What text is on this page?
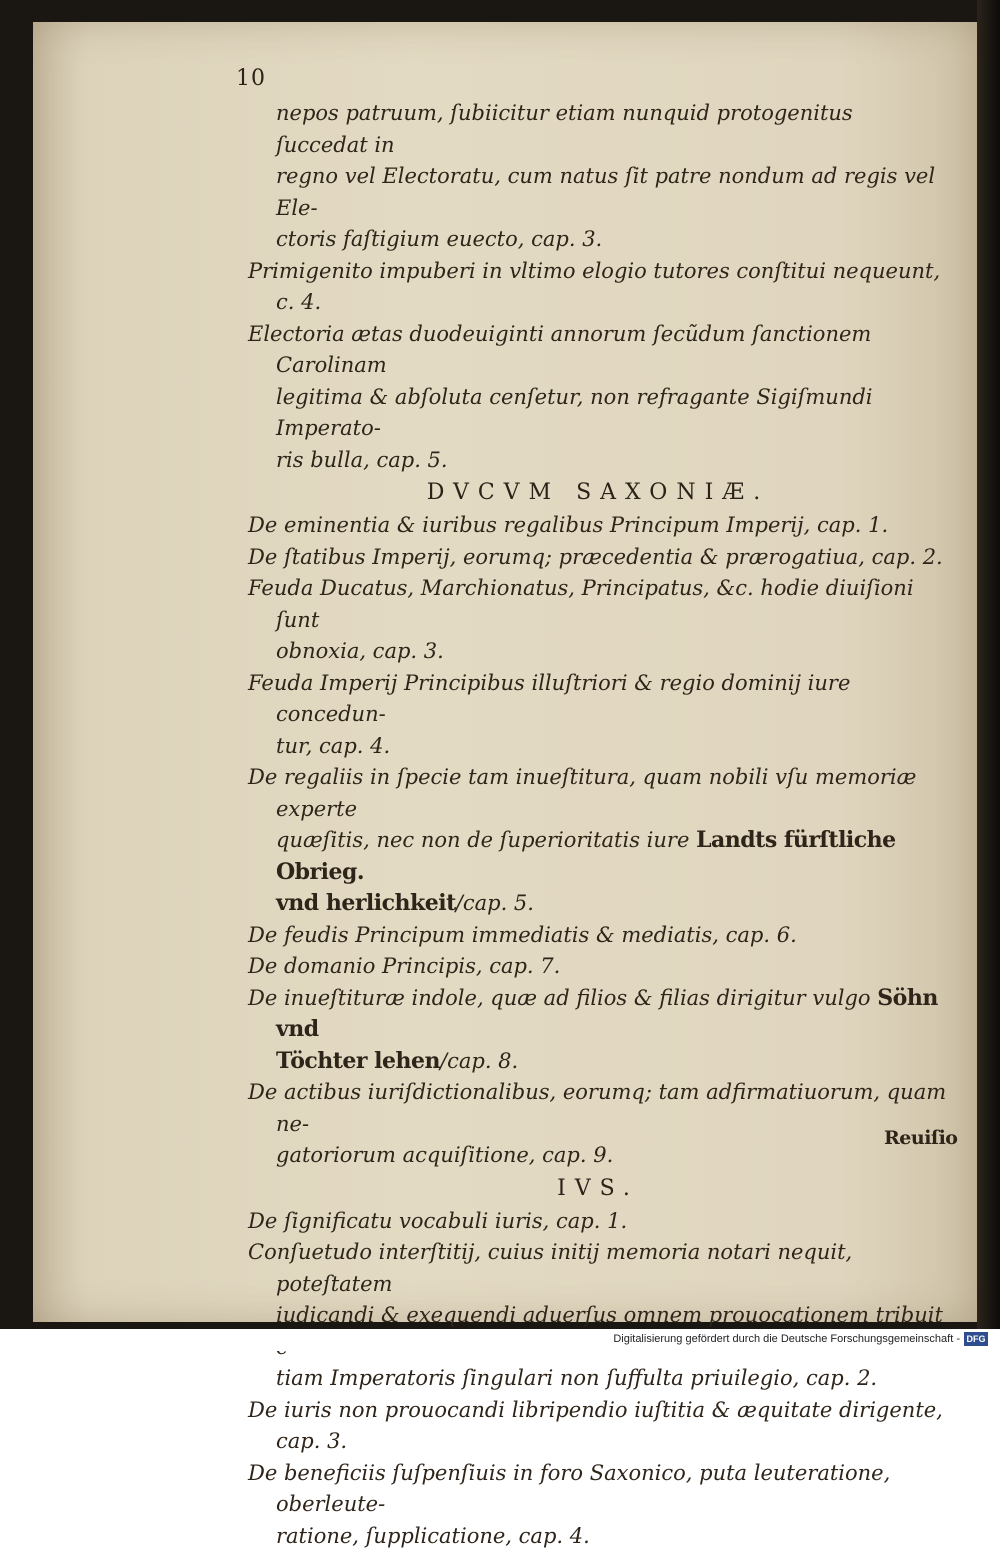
10

nepos patruum, ſubiicitur etiam nunquid protogenitus ſuccedat in

regno vel Electoratu, cum natus ſit patre nondum ad regis vel Ele-

ctoris faſtigium euecto, cap. 3.

Primigenito impuberi in vltimo elogio tutores conſtitui nequeunt, c. 4.

Electoria ætas duodeuiginti annorum ſecũdum ſanctionem Carolinam

legitima & abſoluta cenſetur, non refragante Sigiſmundi Imperato-

ris bulla, cap. 5.

DVCVM SAXONIÆ.

De eminentia & iuribus regalibus Principum Imperij, cap. 1.

De ſtatibus Imperij, eorumq; præcedentia & prærogatiua, cap. 2.

Feuda Ducatus, Marchionatus, Principatus, &c. hodie diuiſioni ſunt

obnoxia, cap. 3.

Feuda Imperij Principibus illuſtriori & regio dominij iure concedun-

tur, cap. 4.

De regaliis in ſpecie tam inueſtitura, quam nobili vſu memoriæ experte

quæſitis, nec non de ſuperioritatis iure Landts fürſtliche Obrieg.

vnd herlichkeit/cap. 5.

De feudis Principum immediatis & mediatis, cap. 6.

De domanio Principis, cap. 7.

De inueſtituræ indole, quæ ad filios & filias dirigitur vulgo Söhn vnd

Töchter lehen/cap. 8.

De actibus iuriſdictionalibus, eorumq; tam adfirmatiuorum, quam ne-

gatoriorum acquiſitione, cap. 9.

IVS.

De ſignificatu vocabuli iuris, cap. 1.

Conſuetudo interſtitij, cuius initij memoria notari nequit, poteſtatem

iudicandi & exequendi aduerſus omnem prouocationem tribuit

tiam Imperatoris ſingulari non ſuffulta priuilegio, cap. 2.

De iuris non prouocandi libripendio iuſtitia & æquitate dirigente,

cap. 3.

De beneficiis ſuſpenſiuis in foro Saxonico, puta leuteratione, oberleute-

ratione, ſupplicatione, cap. 4.

Reuiſio
Digitalisierung gefördert durch die Deutsche Forschungsgemeinschaft - DFG
